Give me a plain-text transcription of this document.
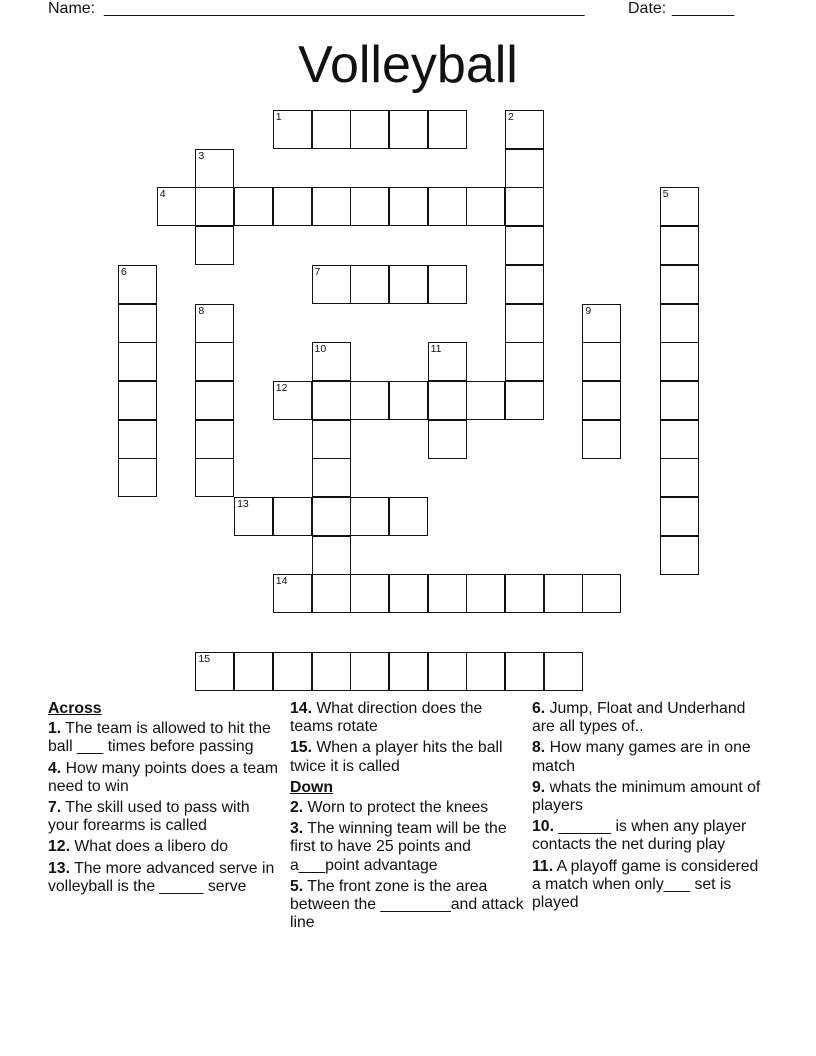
Name: ______________________________________________________	Date: _______
Volleyball
1	2
3
4	5
6	7
8	9
10	11
12
13
14
15
Across
1. The team is allowed to hit the ball ___ times before passing
4. How many points does a team need to win
7. The skill used to pass with your forearms is called
12. What does a libero do
13. The more advanced serve in volleyball is the _____ serve
14. What direction does the teams rotate
15. When a player hits the ball twice it is called
Down
2. Worn to protect the knees
3. The winning team will be the first to have 25 points and a___point advantage
5. The front zone is the area between the ________and attack line
6. Jump, Float and Underhand are all types of..
8. How many games are in one match
9. whats the minimum amount of players
10. ______ is when any player contacts the net during play
11. A playoff game is considered a match when only___ set is played
